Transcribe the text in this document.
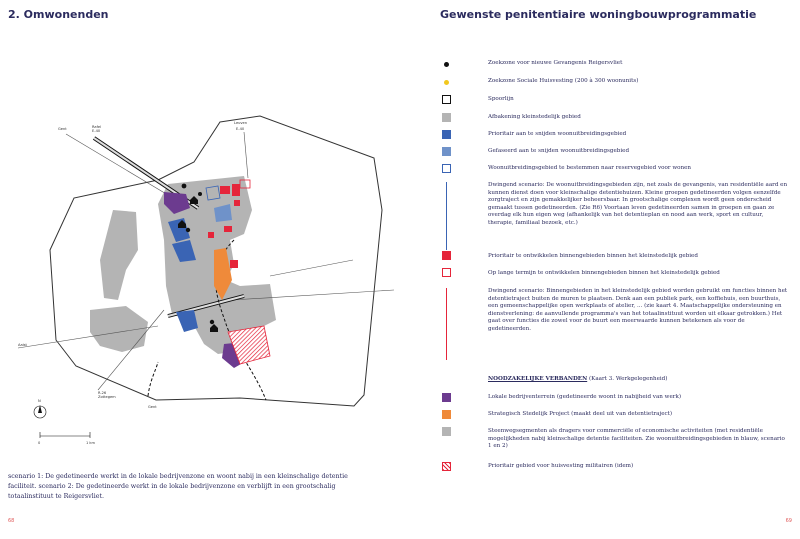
2. Omwonenden	Gewenste penitentiaire woningbouwprogrammatie
Gent	Rafel E-40
Leuven
E-40
Aalst
R-26 Zottegem
Gent
N
0	1 km
scenario 1: De gedetineerde werkt in de lokale bedrijvenzone en woont nabij in een kleinschalige detentie faciliteit. scenario 2: De gedetineerde werkt in de lokale bedrijvenzone en verblijft in een grootschalig totaalinstituut te Reigersvliet.
68	69
Zoekzone voor nieuwe Gevangenis Reigersvliet
Zoekzone Sociale Huisvesting (200 à 300 woonunits)
Spoorlijn
Afbakening kleinstedelijk gebied
Prioritair aan te snijden woonuitbreidingsgebied
Gefaseerd aan te snijden woonuitbreidingsgebied
Woonuitbreidingsgebied te bestemmen naar reservegebied voor wonen
Dwingend scenario: De woonuitbreidingsgebieden zijn, net zoals de gevangenis, van residentiële aard en kunnen dienst doen voor kleinschalige detentiehuizen. Kleine groepen gedetineerden volgen eenzelfde zorgtraject en zijn gemakkelijker beheersbaar. In grootschalige complexen wordt geen onderscheid gemaakt tussen gedetineerden. (Zie R6) Voortaan leven gedetineerden samen in groepen en gaan ze overdag elk hun eigen weg (afhankelijk van het detentieplan en nood aan werk, sport en cultuur, therapie, familiaal bezoek, etc.)
Prioritair te ontwikkelen binnengebieden binnen het kleinstedelijk gebied
Op lange termijn te ontwikkelen binnengebieden binnen het kleinstedelijk gebied
Dwingend scenario: Binnengebieden in het kleinstedelijk gebied worden gebruikt om functies binnen het detentietraject buiten de muren te plaatsen. Denk aan een publiek park, een koffiehuis, een buurthuis, een gemeenschappelijke open werkplaats of atelier, ... (zie kaart 4. Maatschappelijke ondersteuning en dienstverlening: de aanvullende programma's van het totaalinstituut worden uit elkaar getrokken.) Het gaat over functies die zowel voor de buurt een meerwaarde kunnen betekenen als voor de gedetineerden.
NOODZAKELIJKE VERBANDEN (Kaart 3. Werkgelegenheid)
Lokale bedrijventerrein (gedetineerde woont in nabijheid van werk)
Strategisch Stedelijk Project (maakt deel uit van detentietraject)
Steenwegsegmenten als dragers voor commerciële of economische activiteiten (met residentiële mogelijkheden nabij kleinschalige detentie faciliteiten. Zie woonuitbreidingsgebieden in blauw, scenario 1 en 2)
Prioritair gebied voor huisvesting militairen (idem)
